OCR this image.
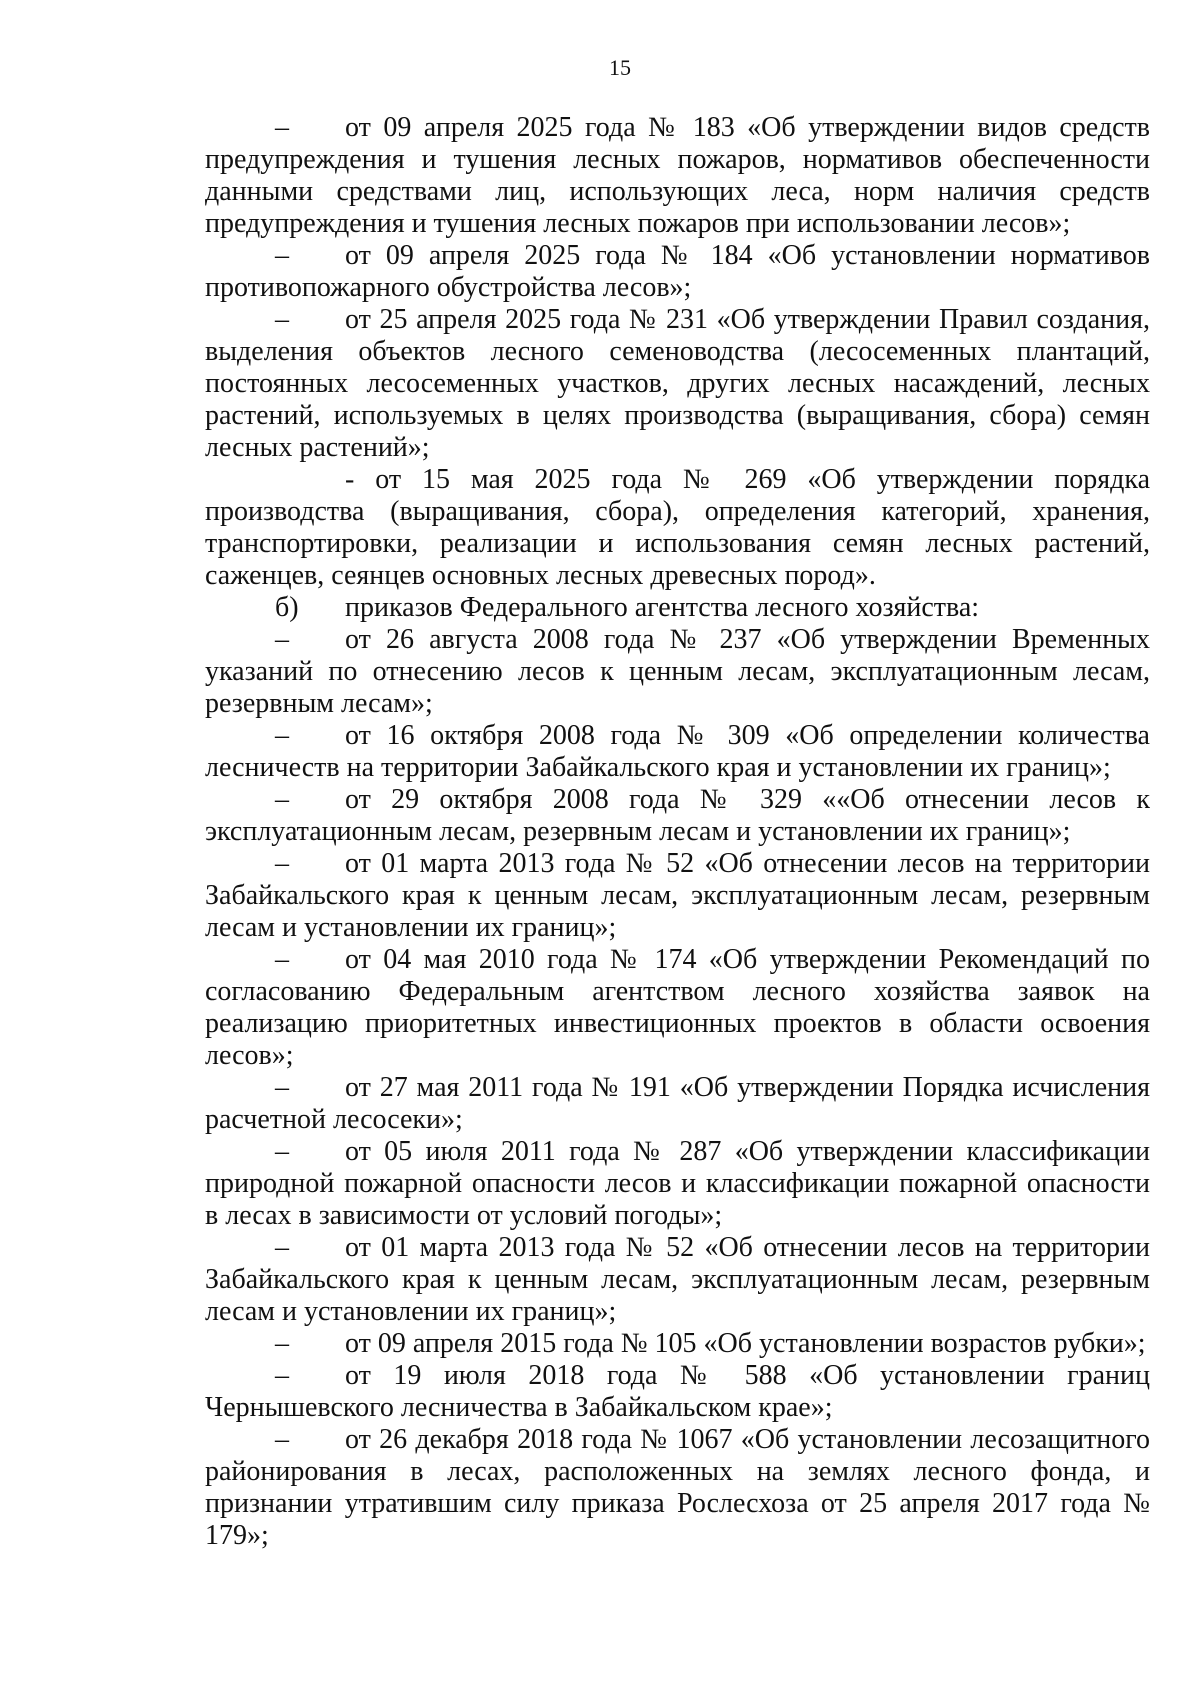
15

– от 09 апреля 2025 года № 183 «Об утверждении видов средств предупреждения и тушения лесных пожаров, нормативов обеспеченности данными средствами лиц, использующих леса, норм наличия средств предупреждения и тушения лесных пожаров при использовании лесов»;

– от 09 апреля 2025 года № 184 «Об установлении нормативов противопожарного обустройства лесов»;

– от 25 апреля 2025 года № 231 «Об утверждении Правил создания, выделения объектов лесного семеноводства (лесосеменных плантаций, постоянных лесосеменных участков, других лесных насаждений, лесных растений, используемых в целях производства (выращивания, сбора) семян лесных растений»;

- от 15 мая 2025 года № 269 «Об утверждении порядка производства (выращивания, сбора), определения категорий, хранения, транспортировки, реализации и использования семян лесных растений, саженцев, сеянцев основных лесных древесных пород».

б) приказов Федерального агентства лесного хозяйства:

– от 26 августа 2008 года № 237 «Об утверждении Временных указаний по отнесению лесов к ценным лесам, эксплуатационным лесам, резервным лесам»;

– от 16 октября 2008 года № 309 «Об определении количества лесничеств на территории Забайкальского края и установлении их границ»;

– от 29 октября 2008 года № 329 ««Об отнесении лесов к эксплуатационным лесам, резервным лесам и установлении их границ»;

– от 01 марта 2013 года № 52 «Об отнесении лесов на территории Забайкальского края к ценным лесам, эксплуатационным лесам, резервным лесам и установлении их границ»;

– от 04 мая 2010 года № 174 «Об утверждении Рекомендаций по согласованию Федеральным агентством лесного хозяйства заявок на реализацию приоритетных инвестиционных проектов в области освоения лесов»;

– от 27 мая 2011 года № 191 «Об утверждении Порядка исчисления расчетной лесосеки»;

– от 05 июля 2011 года № 287 «Об утверждении классификации природной пожарной опасности лесов и классификации пожарной опасности в лесах в зависимости от условий погоды»;

– от 01 марта 2013 года № 52 «Об отнесении лесов на территории Забайкальского края к ценным лесам, эксплуатационным лесам, резервным лесам и установлении их границ»;

– от 09 апреля 2015 года № 105 «Об установлении возрастов рубки»;

– от 19 июля 2018 года № 588 «Об установлении границ Чернышевского лесничества в Забайкальском крае»;

– от 26 декабря 2018 года № 1067 «Об установлении лесозащитного районирования в лесах, расположенных на землях лесного фонда, и признании утратившим силу приказа Рослесхоза от 25 апреля 2017 года № 179»;
